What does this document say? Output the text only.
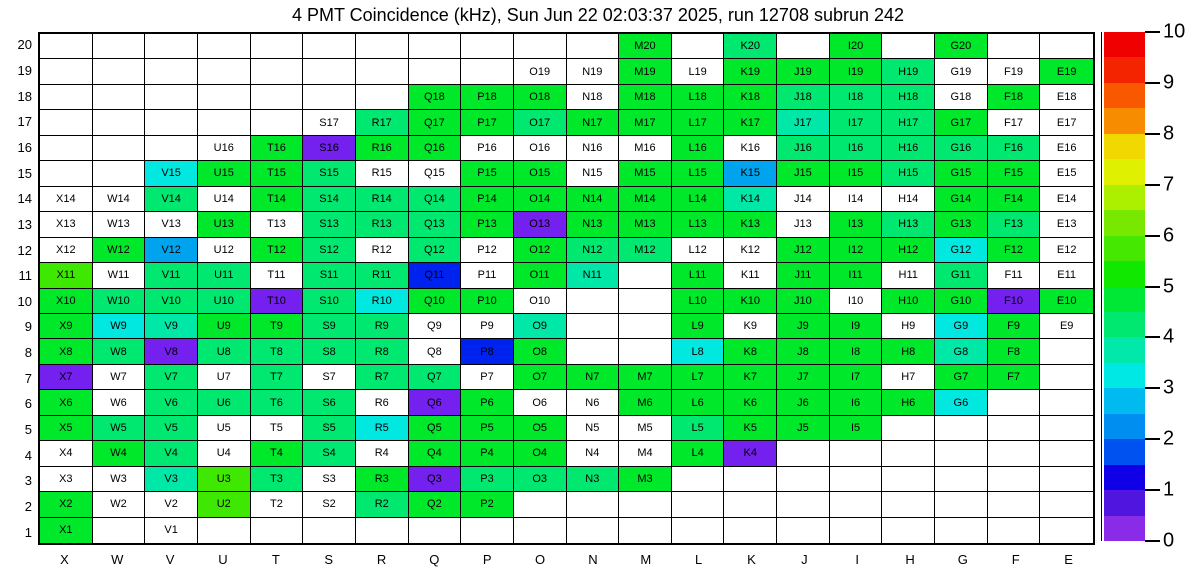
4 PMT Coincidence (kHz), Sun Jun 22 02:03:37 2025, run 12708 subrun 242
M20	K20	I20	G20
O19	N19	M19	L19	K19	J19	I19	H19	G19	F19	E19
Q18	P18	O18	N18	M18	L18	K18	J18	I18	H18	G18	F18	E18
S17	R17	Q17	P17	O17	N17	M17	L17	K17	J17	I17	H17	G17	F17	E17
U16	T16	S16	R16	Q16	P16	O16	N16	M16	L16	K16	J16	I16	H16	G16	F16	E16
V15	U15	T15	S15	R15	Q15	P15	O15	N15	M15	L15	K15	J15	I15	H15	G15	F15	E15
X14	W14	V14	U14	T14	S14	R14	Q14	P14	O14	N14	M14	L14	K14	J14	I14	H14	G14	F14	E14
X13	W13	V13	U13	T13	S13	R13	Q13	P13	O13	N13	M13	L13	K13	J13	I13	H13	G13	F13	E13
X12	W12	V12	U12	T12	S12	R12	Q12	P12	O12	N12	M12	L12	K12	J12	I12	H12	G12	F12	E12
X11	W11	V11	U11	T11	S11	R11	Q11	P11	O11	N11	L11	K11	J11	I11	H11	G11	F11	E11
X10	W10	V10	U10	T10	S10	R10	Q10	P10	O10	L10	K10	J10	I10	H10	G10	F10	E10
X9	W9	V9	U9	T9	S9	R9	Q9	P9	O9	L9	K9	J9	I9	H9	G9	F9	E9
X8	W8	V8	U8	T8	S8	R8	Q8	P8	O8	L8	K8	J8	I8	H8	G8	F8
X7	W7	V7	U7	T7	S7	R7	Q7	P7	O7	N7	M7	L7	K7	J7	I7	H7	G7	F7
X6	W6	V6	U6	T6	S6	R6	Q6	P6	O6	N6	M6	L6	K6	J6	I6	H6	G6
X5	W5	V5	U5	T5	S5	R5	Q5	P5	O5	N5	M5	L5	K5	J5	I5
X4	W4	V4	U4	T4	S4	R4	Q4	P4	O4	N4	M4	L4	K4
X3	W3	V3	U3	T3	S3	R3	Q3	P3	O3	N3	M3
X2	W2	V2	U2	T2	S2	R2	Q2	P2
X1	V1
20
19
18
17
16
15
14
13
12
11
10
9
8
7
6
5
4
3
2
1
X	W	V	U	T	S	R	Q	P	O	N	M	L	K	J	I	H	G	F	E
10
9
8
7
6
5
4
3
2
1
0
